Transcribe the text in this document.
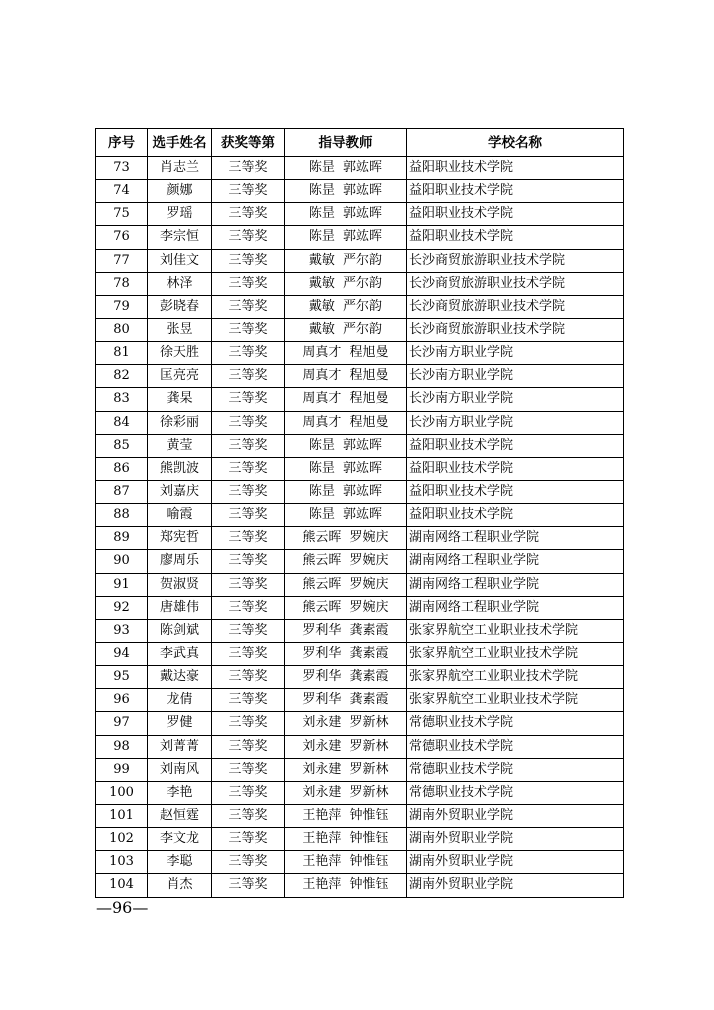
序号	选手姓名	获奖等第	指导教师	学校名称
73	肖志兰	三等奖	陈昰 郭竑晖	益阳职业技术学院
74	颜娜	三等奖	陈昰 郭竑晖	益阳职业技术学院
75	罗瑶	三等奖	陈昰 郭竑晖	益阳职业技术学院
76	李宗恒	三等奖	陈昰 郭竑晖	益阳职业技术学院
77	刘佳文	三等奖	戴敏 严尔韵	长沙商贸旅游职业技术学院
78	林泽	三等奖	戴敏 严尔韵	长沙商贸旅游职业技术学院
79	彭晓春	三等奖	戴敏 严尔韵	长沙商贸旅游职业技术学院
80	张昱	三等奖	戴敏 严尔韵	长沙商贸旅游职业技术学院
81	徐天胜	三等奖	周真才 程旭曼	长沙南方职业学院
82	匡亮亮	三等奖	周真才 程旭曼	长沙南方职业学院
83	龚杲	三等奖	周真才 程旭曼	长沙南方职业学院
84	徐彩丽	三等奖	周真才 程旭曼	长沙南方职业学院
85	黄莹	三等奖	陈昰 郭竑晖	益阳职业技术学院
86	熊凯波	三等奖	陈昰 郭竑晖	益阳职业技术学院
87	刘嘉庆	三等奖	陈昰 郭竑晖	益阳职业技术学院
88	喻霞	三等奖	陈昰 郭竑晖	益阳职业技术学院
89	郑宪哲	三等奖	熊云晖 罗婉庆	湖南网络工程职业学院
90	廖周乐	三等奖	熊云晖 罗婉庆	湖南网络工程职业学院
91	贺淑贤	三等奖	熊云晖 罗婉庆	湖南网络工程职业学院
92	唐雄伟	三等奖	熊云晖 罗婉庆	湖南网络工程职业学院
93	陈剑斌	三等奖	罗利华 龚素霞	张家界航空工业职业技术学院
94	李武真	三等奖	罗利华 龚素霞	张家界航空工业职业技术学院
95	戴达豪	三等奖	罗利华 龚素霞	张家界航空工业职业技术学院
96	龙倩	三等奖	罗利华 龚素霞	张家界航空工业职业技术学院
97	罗健	三等奖	刘永建 罗新林	常德职业技术学院
98	刘菁菁	三等奖	刘永建 罗新林	常德职业技术学院
99	刘南风	三等奖	刘永建 罗新林	常德职业技术学院
100	李艳	三等奖	刘永建 罗新林	常德职业技术学院
101	赵恒霆	三等奖	王艳萍 钟惟钰	湖南外贸职业学院
102	李文龙	三等奖	王艳萍 钟惟钰	湖南外贸职业学院
103	李聪	三等奖	王艳萍 钟惟钰	湖南外贸职业学院
104	肖杰	三等奖	王艳萍 钟惟钰	湖南外贸职业学院
—96—
